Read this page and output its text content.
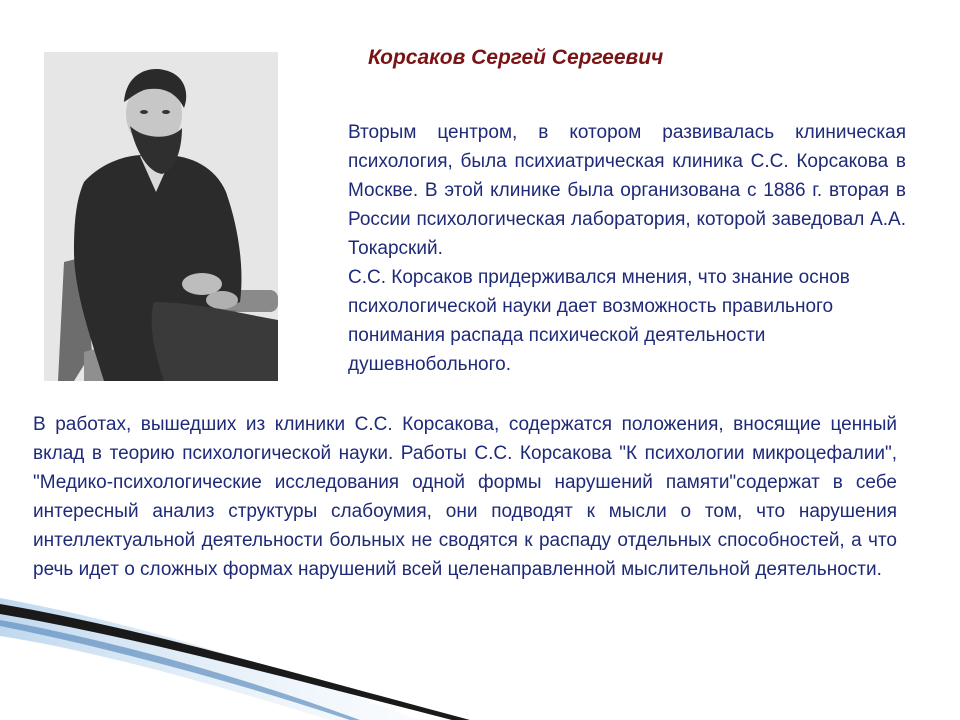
Корсаков Сергей Сергеевич

Вторым центром, в котором развивалась клиническая психология, была психиатрическая клиника С.С. Корсакова в Москве. В этой клинике была организована с 1886 г. вторая в России психологическая лаборатория, которой заведовал А.А. Токарский.

С.С. Корсаков придерживался мнения, что знание основ психологической науки дает возможность правильного понимания распада психической деятельности душевнобольного.

В работах, вышедших из клиники С.С. Корсакова, содержатся положения, вносящие ценный вклад в теорию психологической науки. Работы С.С. Корсакова "К психологии микроцефалии", "Медико-психологические исследования одной формы нарушений памяти"содержат в себе интересный анализ структуры слабоумия, они подводят к мысли о том, что нарушения интеллектуальной деятельности больных не сводятся к распаду отдельных способностей, а что речь идет о сложных формах нарушений всей целенаправленной мыслительной деятельности.
